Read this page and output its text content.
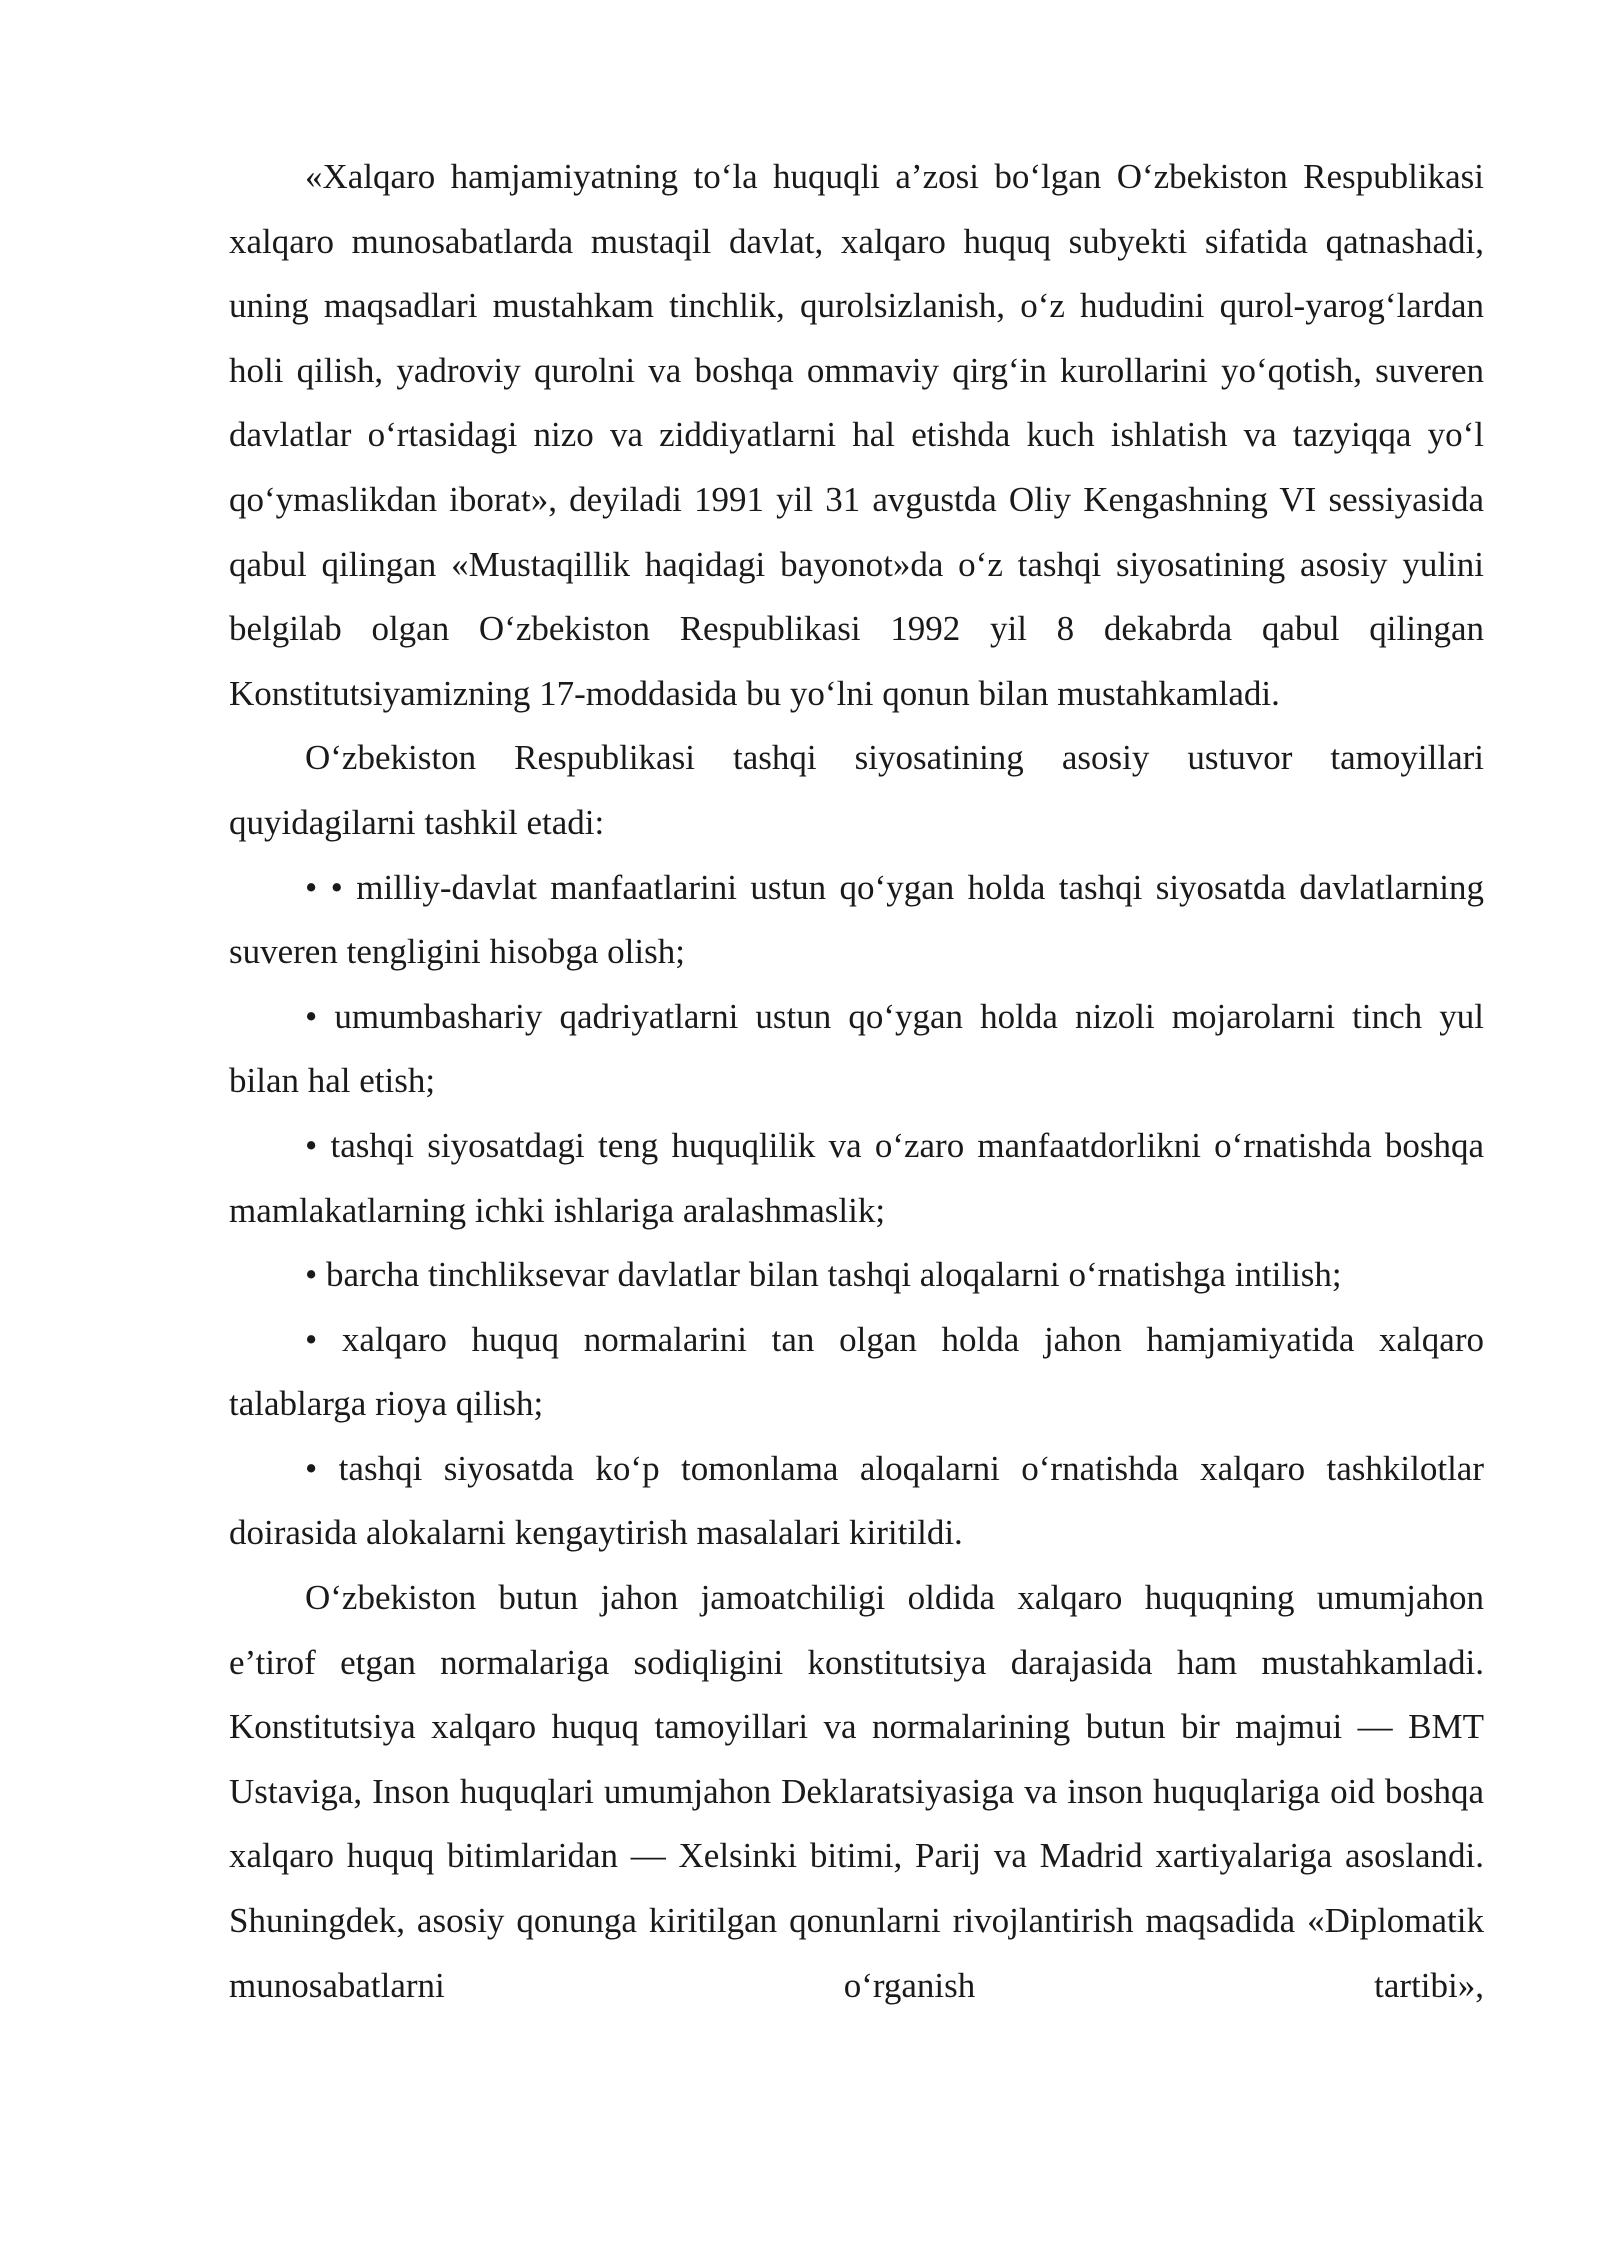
«Xalqaro hamjamiyatning to‘la huquqli a’zosi bo‘lgan O‘zbekiston Respublikasi xalqaro munosabatlarda mustaqil davlat, xalqaro huquq subyekti sifatida qatnashadi, uning maqsadlari mustahkam tinchlik, qurolsizlanish, o‘z hududini qurol-yarog‘lardan holi qilish, yadroviy qurolni va boshqa ommaviy qirg‘in kurollarini yo‘qotish, suveren davlatlar o‘rtasidagi nizo va ziddiyatlarni hal etishda kuch ishlatish va tazyiqqa yo‘l qo‘ymaslikdan iborat», deyiladi 1991 yil 31 avgustda Oliy Kengashning VI sessiyasida qabul qilingan «Mustaqillik haqidagi bayonot»da o‘z tashqi siyosatining asosiy yulini belgilab olgan O‘zbekiston Respublikasi 1992 yil 8 dekabrda qabul qilingan Konstitutsiyamizning 17-moddasida bu yo‘lni qonun bilan mustahkamladi.

O‘zbekiston Respublikasi tashqi siyosatining asosiy ustuvor tamoyillari quyidagilarni tashkil etadi:

• • milliy-davlat manfaatlarini ustun qo‘ygan holda tashqi siyosatda davlatlarning suveren tengligini hisobga olish;

• umumbashariy qadriyatlarni ustun qo‘ygan holda nizoli mojarolarni tinch yul bilan hal etish;

• tashqi siyosatdagi teng huquqlilik va o‘zaro manfaatdorlikni o‘rnatishda boshqa mamlakatlarning ichki ishlariga aralashmaslik;

• barcha tinchliksevar davlatlar bilan tashqi aloqalarni o‘rnatishga intilish;

• xalqaro huquq normalarini tan olgan holda jahon hamjamiyatida xalqaro talablarga rioya qilish;

• tashqi siyosatda ko‘p tomonlama aloqalarni o‘rnatishda xalqaro tashkilotlar doirasida alokalarni kengaytirish masalalari kiritildi.

O‘zbekiston butun jahon jamoatchiligi oldida xalqaro huquqning umumjahon e’tirof etgan normalariga sodiqligini konstitutsiya darajasida ham mustahkamladi. Konstitutsiya xalqaro huquq tamoyillari va normalarining butun bir majmui — BMT Ustaviga, Inson huquqlari umumjahon Deklaratsiyasiga va inson huquqlariga oid boshqa xalqaro huquq bitimlaridan — Xelsinki bitimi, Parij va Madrid xartiyalariga asoslandi. Shuningdek, asosiy qonunga kiritilgan qonunlarni rivojlantirish maqsadida «Diplomatik munosabatlarni o‘rganish tartibi»,
